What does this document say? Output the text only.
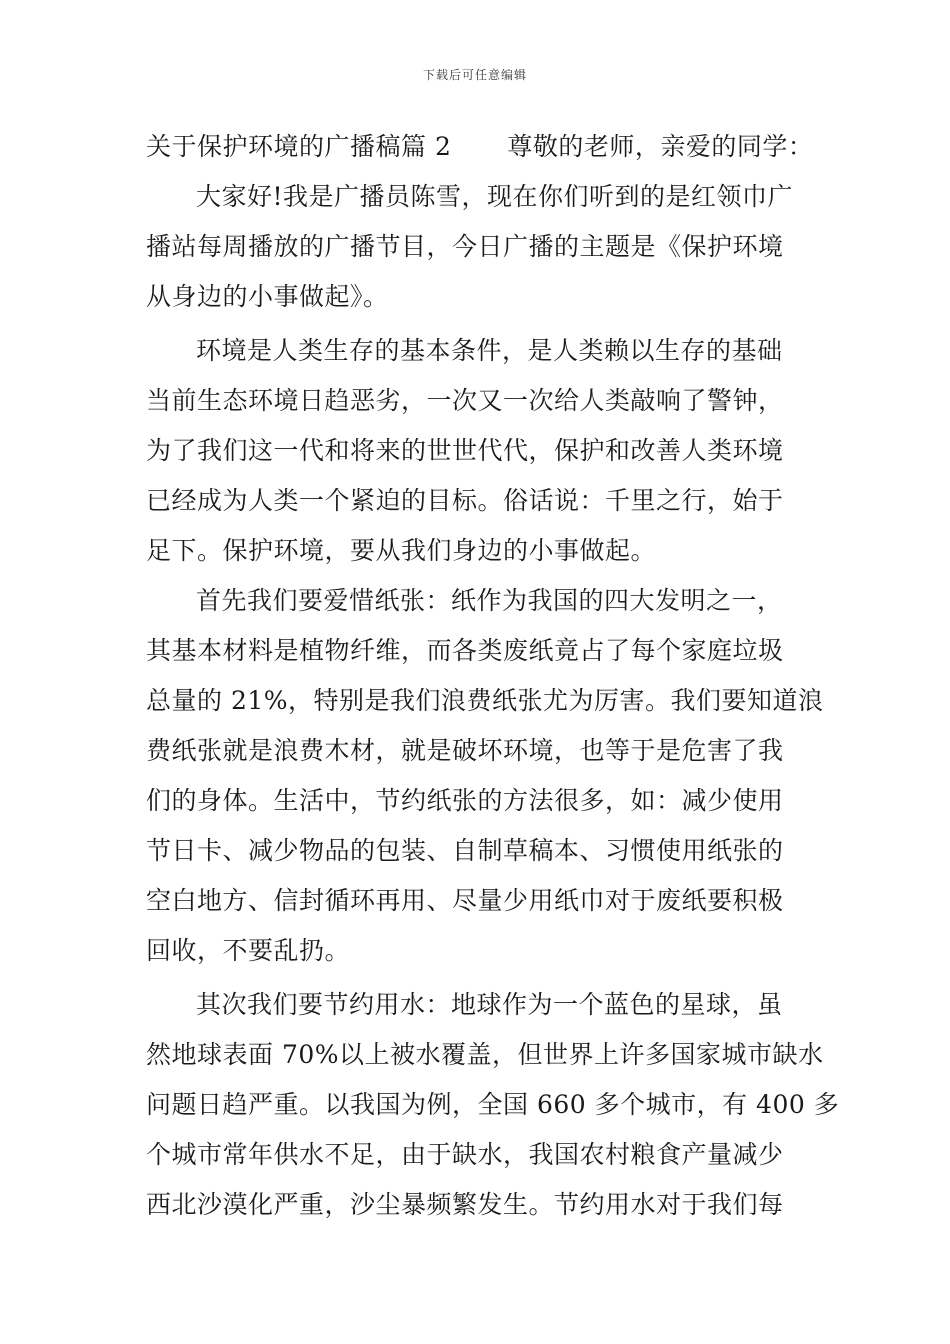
下载后可任意编辑
关于保护环境的广播稿篇 2 尊敬的老师，亲爱的同学：
大家好!我是广播员陈雪，现在你们听到的是红领巾广
播站每周播放的广播节目，今日广播的主题是《保护环境
从身边的小事做起》。
环境是人类生存的基本条件，是人类赖以生存的基础
当前生态环境日趋恶劣，一次又一次给人类敲响了警钟，
为了我们这一代和将来的世世代代，保护和改善人类环境
已经成为人类一个紧迫的目标。俗话说：千里之行，始于
足下。保护环境，要从我们身边的小事做起。
首先我们要爱惜纸张：纸作为我国的四大发明之一，
其基本材料是植物纤维，而各类废纸竟占了每个家庭垃圾
总量的 21%，特别是我们浪费纸张尤为厉害。我们要知道浪
费纸张就是浪费木材，就是破坏环境，也等于是危害了我
们的身体。生活中，节约纸张的方法很多，如：减少使用
节日卡、减少物品的包装、自制草稿本、习惯使用纸张的
空白地方、信封循环再用、尽量少用纸巾对于废纸要积极
回收，不要乱扔。
其次我们要节约用水：地球作为一个蓝色的星球，虽
然地球表面 70%以上被水覆盖，但世界上许多国家城市缺水
问题日趋严重。以我国为例，全国 660 多个城市，有 400 多
个城市常年供水不足，由于缺水，我国农村粮食产量减少
西北沙漠化严重，沙尘暴频繁发生。节约用水对于我们每
